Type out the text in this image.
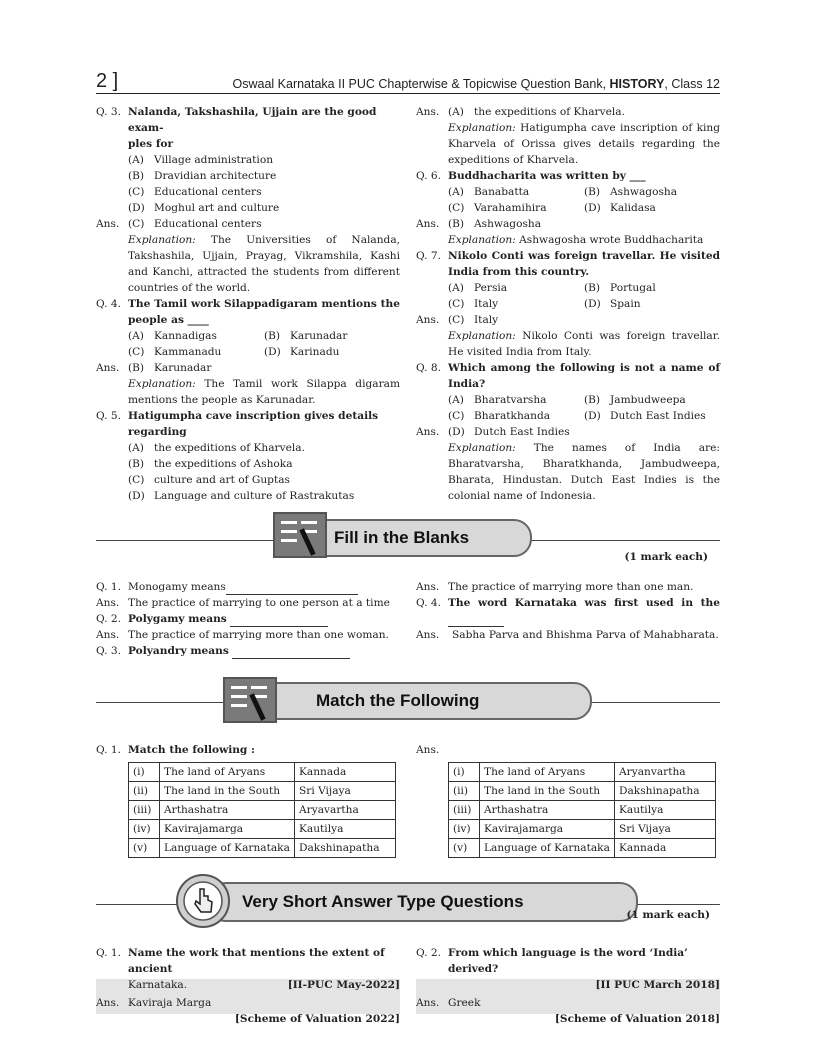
2 ]	Oswaal Karnataka II PUC Chapterwise & Topicwise Question Bank, HISTORY, Class 12
Q. 3. Nalanda, Takshashila, Ujjain are the good exam-
ples for
(A) Village administration
(B) Dravidian architecture
(C) Educational centers
(D) Moghul art and culture
Ans. (C) Educational centers
Explanation: The Universities of Nalanda, Takshashila, Ujjain, Prayag, Vikramshila, Kashi and Kanchi, attracted the students from different countries of the world.
Q. 4. The Tamil work Silappadigaram mentions the people as ____
(A) Kannadigas	(B) Karunadar
(C) Kammanadu	(D) Karinadu
Ans. (B) Karunadar
Explanation: The Tamil work Silappa digaram mentions the people as Karunadar.
Q. 5. Hatigumpha cave inscription gives details regarding
(A) the expeditions of Kharvela.
(B) the expeditions of Ashoka
(C) culture and art of Guptas
(D) Language and culture of Rastrakutas
Ans. (A) the expeditions of Kharvela.
Explanation: Hatigumpha cave inscription of king Kharvela of Orissa gives details regarding the expeditions of Kharvela.
Q. 6. Buddhacharita was written by ___
(A) Banabatta	(B) Ashwagosha
(C) Varahamihira	(D) Kalidasa
Ans. (B) Ashwagosha
Explanation: Ashwagosha wrote Buddhacharita
Q. 7. Nikolo Conti was foreign travellar. He visited India from this country.
(A) Persia	(B) Portugal
(C) Italy	(D) Spain
Ans. (C) Italy
Explanation: Nikolo Conti was foreign travellar. He visited India from Italy.
Q. 8. Which among the following is not a name of India?
(A) Bharatvarsha	(B) Jambudweepa
(C) Bharatkhanda	(D) Dutch East Indies
Ans. (D) Dutch East Indies
Explanation: The names of India are: Bharatvarsha, Bharatkhanda, Jambudweepa, Bharata, Hindustan. Dutch East Indies is the colonial name of Indonesia.
Fill in the Blanks
(1 mark each)
Q. 1. Monogamy means
Ans. The practice of marrying to one person at a time
Q. 2. Polygamy means
Ans. The practice of marrying more than one woman.
Q. 3. Polyandry means
Ans. The practice of marrying more than one man.
Q. 4. The word Karnataka was first used in the
Ans.	Sabha Parva and Bhishma Parva of Mahabharata.
Match the Following
Q. 1. Match the following :	Ans.
(i)	The land of Aryans	Kannada
(ii)	The land in the South	Sri Vijaya
(iii)	Arthashatra	Aryavartha
(iv)	Kavirajamarga	Kautilya
(v)	Language of Karnataka	Dakshinapatha
(i)	The land of Aryans	Aryanvartha
(ii)	The land in the South	Dakshinapatha
(iii)	Arthashatra	Kautilya
(iv)	Kavirajamarga	Sri Vijaya
(v)	Language of Karnataka	Kannada
Very Short Answer Type Questions
(1 mark each)
Q. 1. Name the work that mentions the extent of ancient
Karnataka.	[II-PUC May-2022]
Ans. Kaviraja Marga
[Scheme of Valuation 2022]
Q. 2. From which language is the word ‘India’ derived?
[II PUC March 2018]
Ans. Greek
[Scheme of Valuation 2018]
